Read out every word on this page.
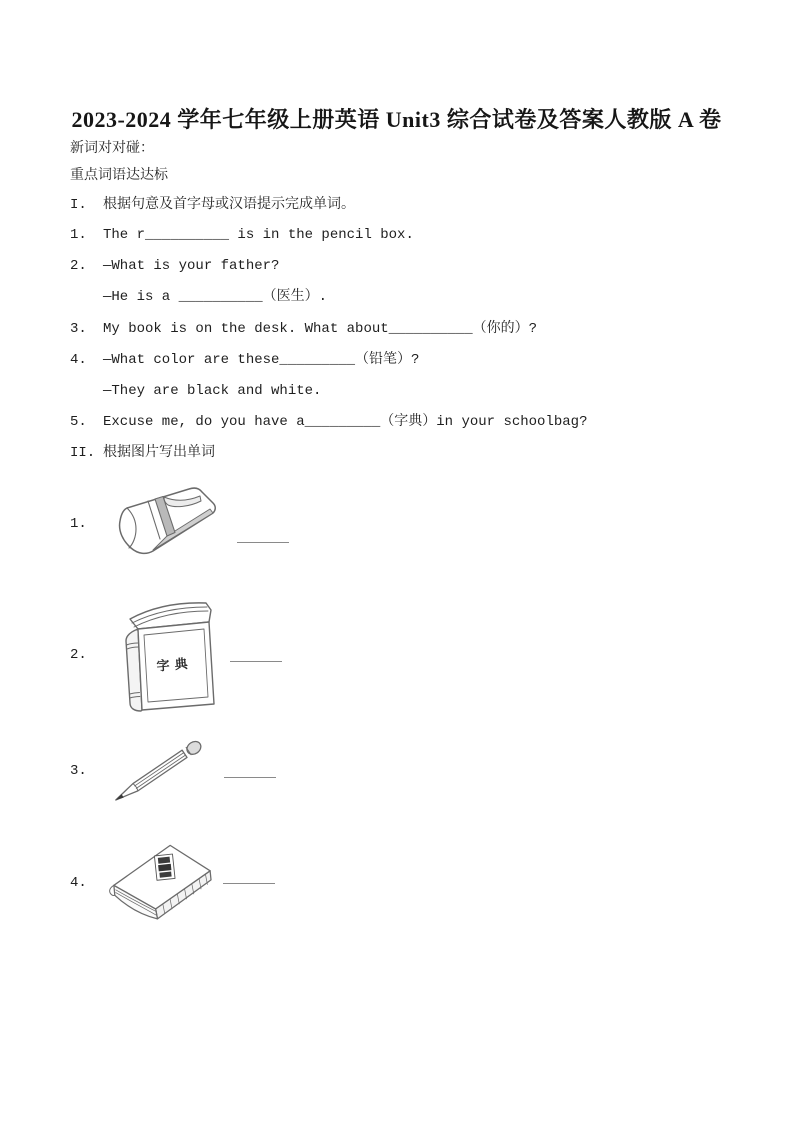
2023-2024 学年七年级上册英语 Unit3 综合试卷及答案人教版 A 卷
新词对对碰：
重点词语达达标
I.	根据句意及首字母或汉语提示完成单词。
1.	The r__________ is in the pencil box.
2.	—What is your father?
—He is a __________（医生）.
3.	My book is on the desk. What about__________（你的）?
4.	—What color are these_________（铅笔）?
—They are black and white.
5.	Excuse me, do you have a_________（字典）in your schoolbag?
II. 根据图片写出单词
1.
2.
字典
3.
4.
